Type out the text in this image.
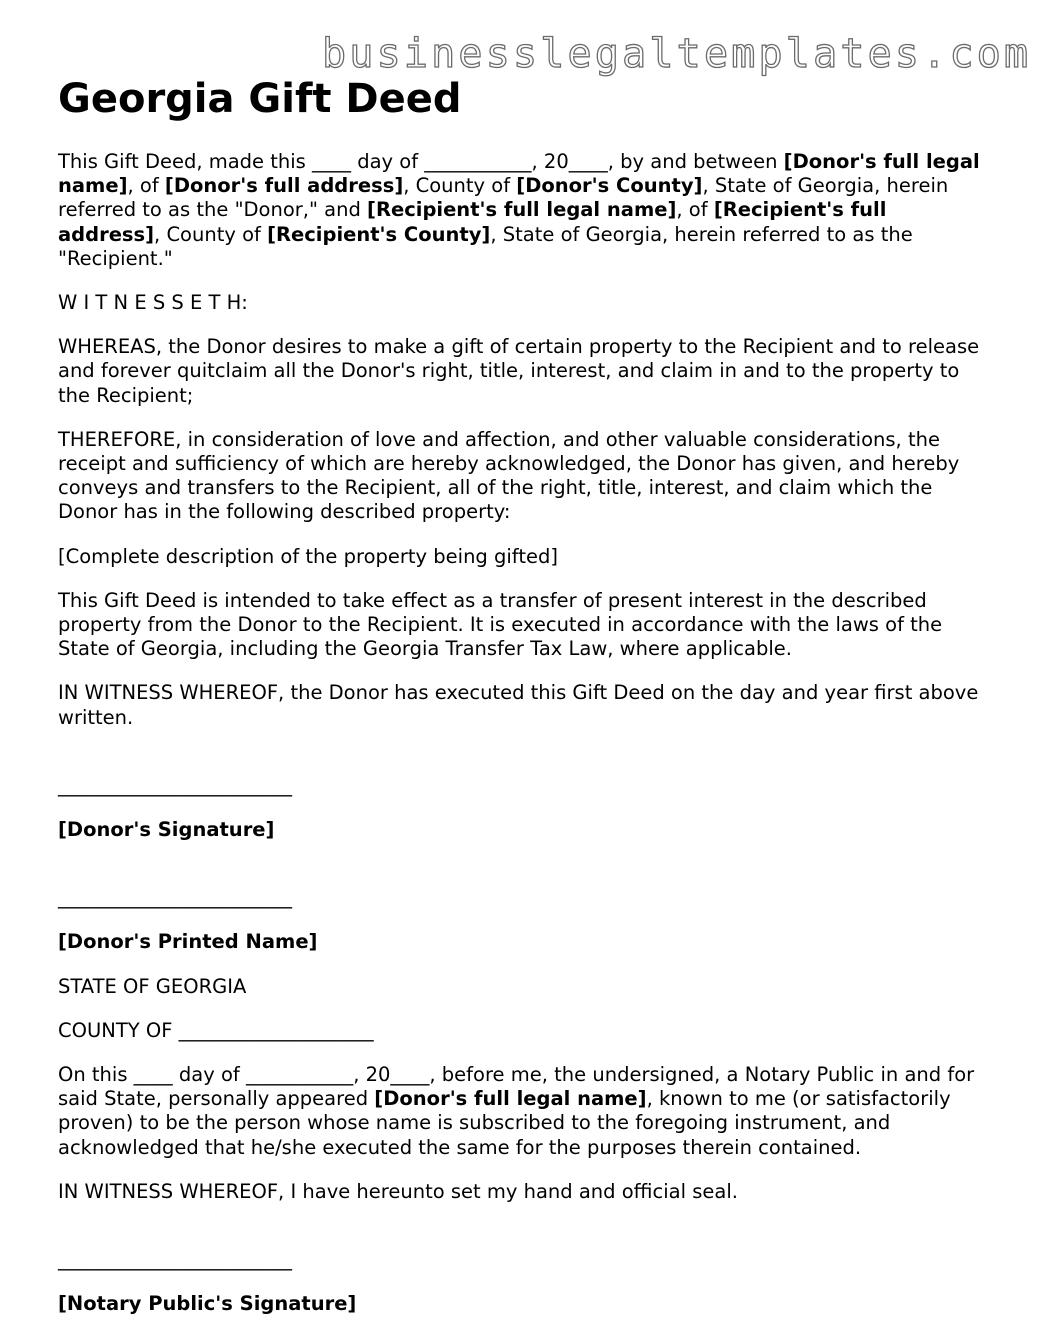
businesslegaltemplates.com
Georgia Gift Deed

This Gift Deed, made this ____ day of ___________, 20____, by and between [Donor's full legal name], of [Donor's full address], County of [Donor's County], State of Georgia, herein referred to as the "Donor," and [Recipient's full legal name], of [Recipient's full address], County of [Recipient's County], State of Georgia, herein referred to as the "Recipient."

W I T N E S S E T H:

WHEREAS, the Donor desires to make a gift of certain property to the Recipient and to release and forever quitclaim all the Donor's right, title, interest, and claim in and to the property to the Recipient;

THEREFORE, in consideration of love and affection, and other valuable considerations, the receipt and sufficiency of which are hereby acknowledged, the Donor has given, and hereby conveys and transfers to the Recipient, all of the right, title, interest, and claim which the Donor has in the following described property:

[Complete description of the property being gifted]

This Gift Deed is intended to take effect as a transfer of present interest in the described property from the Donor to the Recipient. It is executed in accordance with the laws of the State of Georgia, including the Georgia Transfer Tax Law, where applicable.

IN WITNESS WHEREOF, the Donor has executed this Gift Deed on the day and year first above written.

________________________
[Donor's Signature]
________________________
[Donor's Printed Name]

STATE OF GEORGIA

COUNTY OF ____________________

On this ____ day of ___________, 20____, before me, the undersigned, a Notary Public in and for said State, personally appeared [Donor's full legal name], known to me (or satisfactorily proven) to be the person whose name is subscribed to the foregoing instrument, and acknowledged that he/she executed the same for the purposes therein contained.

IN WITNESS WHEREOF, I have hereunto set my hand and official seal.

________________________
[Notary Public's Signature]
